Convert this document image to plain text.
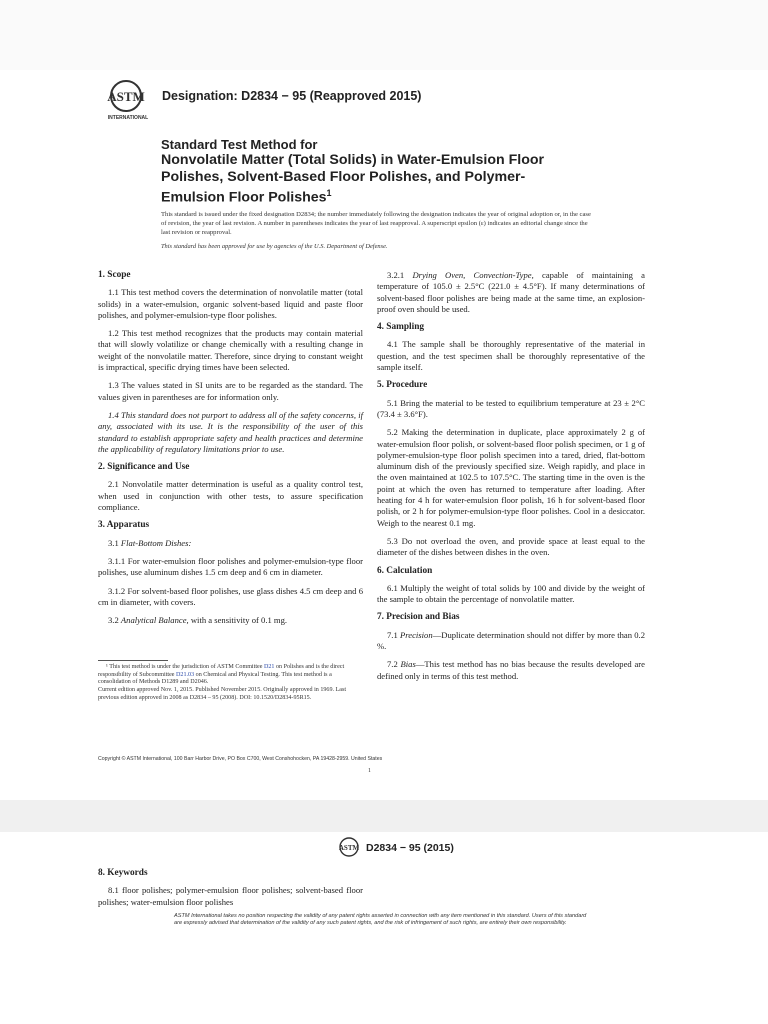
ASTM
INTERNATIONAL
Designation: D2834 − 95 (Reapproved 2015)
Standard Test Method for
Nonvolatile Matter (Total Solids) in Water-Emulsion Floor Polishes, Solvent-Based Floor Polishes, and Polymer-Emulsion Floor Polishes$^1$
This standard is issued under the fixed designation D2834; the number immediately following the designation indicates the year of original adoption or, in the case of revision, the year of last revision. A number in parentheses indicates the year of last reapproval. A superscript epsilon (ε) indicates an editorial change since the last revision or reapproval.
This standard has been approved for use by agencies of the U.S. Department of Defense.
1. Scope

1.1 This test method covers the determination of nonvolatile matter (total solids) in a water-emulsion, organic solvent-based liquid and paste floor polishes, and polymer-emulsion-type floor polishes.

1.2 This test method recognizes that the products may contain material that will slowly volatilize or change chemically with a resulting change in weight of the nonvolatile matter. Therefore, since drying to constant weight is impractical, specific drying times have been selected.

1.3 The values stated in SI units are to be regarded as the standard. The values given in parentheses are for information only.

1.4 This standard does not purport to address all of the safety concerns, if any, associated with its use. It is the responsibility of the user of this standard to establish appropriate safety and health practices and determine the applicability of regulatory limitations prior to use.

2. Significance and Use

2.1 Nonvolatile matter determination is useful as a quality control test, when used in conjunction with other tests, to assure specification compliance.

3. Apparatus

3.1 Flat-Bottom Dishes:

3.1.1 For water-emulsion floor polishes and polymer-emulsion-type floor polishes, use aluminum dishes 1.5 cm deep and 6 cm in diameter.

3.1.2 For solvent-based floor polishes, use glass dishes 4.5 cm deep and 6 cm in diameter, with covers.

3.2 Analytical Balance, with a sensitivity of 0.1 mg.

¹ This test method is under the jurisdiction of ASTM Committee D21 on Polishes and is the direct responsibility of Subcommittee D21.03 on Chemical and Physical Testing. This test method is a consolidation of Methods D1289 and D2046.
Current edition approved Nov. 1, 2015. Published November 2015. Originally approved in 1969. Last previous edition approved in 2008 as D2834 – 95 (2008). DOI: 10.1520/D2834-95R15.

3.2.1 Drying Oven, Convection-Type, capable of maintaining a temperature of 105.0 ± 2.5°C (221.0 ± 4.5°F). If many determinations of solvent-based floor polishes are being made at the same time, an explosion-proof oven should be used.

4. Sampling

4.1 The sample shall be thoroughly representative of the material in question, and the test specimen shall be thoroughly representative of the sample itself.

5. Procedure

5.1 Bring the material to be tested to equilibrium temperature at 23 ± 2°C (73.4 ± 3.6°F).

5.2 Making the determination in duplicate, place approximately 2 g of water-emulsion floor polish, or solvent-based floor polish specimen, or 1 g of polymer-emulsion-type floor polish specimen into a tared, dried, flat-bottom aluminum dish of the previously specified size. Weigh rapidly, and place in the oven maintained at 102.5 to 107.5°C. The starting time in the oven is the point at which the oven has returned to temperature after loading. After heating for 4 h for water-emulsion floor polish, 16 h for solvent-based floor polish, or 2 h for polymer-emulsion-type floor polishes. Cool in a desiccator. Weigh to the nearest 0.1 mg.

5.3 Do not overload the oven, and provide space at least equal to the diameter of the dishes between dishes in the oven.

6. Calculation

6.1 Multiply the weight of total solids by 100 and divide by the weight of the sample to obtain the percentage of nonvolatile matter.

7. Precision and Bias

7.1 Precision—Duplicate determination should not differ by more than 0.2 %.

7.2 Bias—This test method has no bias because the results developed are defined only in terms of this test method.

Copyright © ASTM International, 100 Barr Harbor Drive, PO Box C700, West Conshohocken, PA 19428-2959. United States
1
ASTM D2834 − 95 (2015)
8. Keywords

8.1 floor polishes; polymer-emulsion floor polishes; solvent-based floor polishes; water-emulsion floor polishes

ASTM International takes no position respecting the validity of any patent rights asserted in connection with any item mentioned in this standard. Users of this standard are expressly advised that determination of the validity of any such patent rights, and the risk of infringement of such rights, are entirely their own responsibility.
